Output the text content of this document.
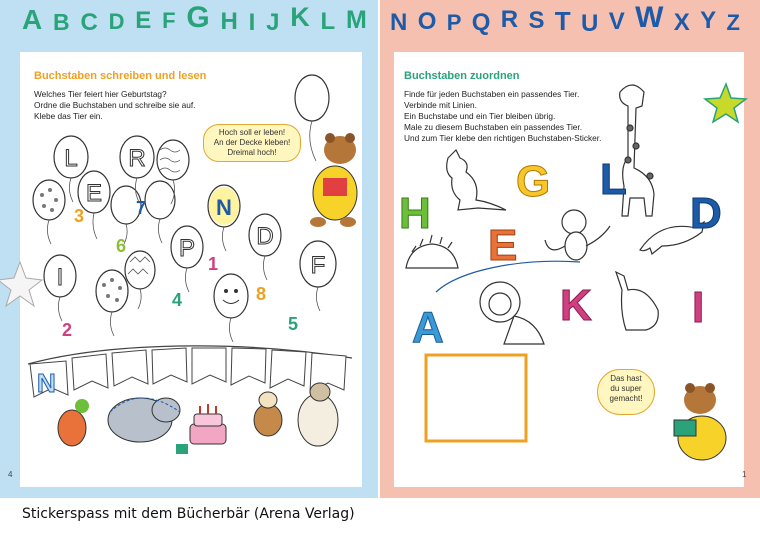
A B C D E F G H I J K L M
Buchstaben schreiben und lesen
Welches Tier feiert hier Geburtstag?
Ordne die Buchstaben und schreibe sie auf.
Klebe das Tier ein.
L R
E
D
P
I	F
N
3	7
6
1
8
4
2	5
N
Hoch soll er leben!
An der Decke kleben!
Dreimal hoch!
4
N O P Q R S T U V W X Y Z
Buchstaben zuordnen
Finde für jeden Buchstaben ein passendes Tier.
Verbinde mit Linien.
Ein Buchstabe und ein Tier bleiben übrig.
Male zu diesem Buchstaben ein passendes Tier.
Und zum Tier klebe den richtigen Buchstaben-Sticker.
G L
H	D
E
K
A	I
Das hast
du super
gemacht!
1
Stickerspass mit dem Bücherbär (Arena Verlag)
